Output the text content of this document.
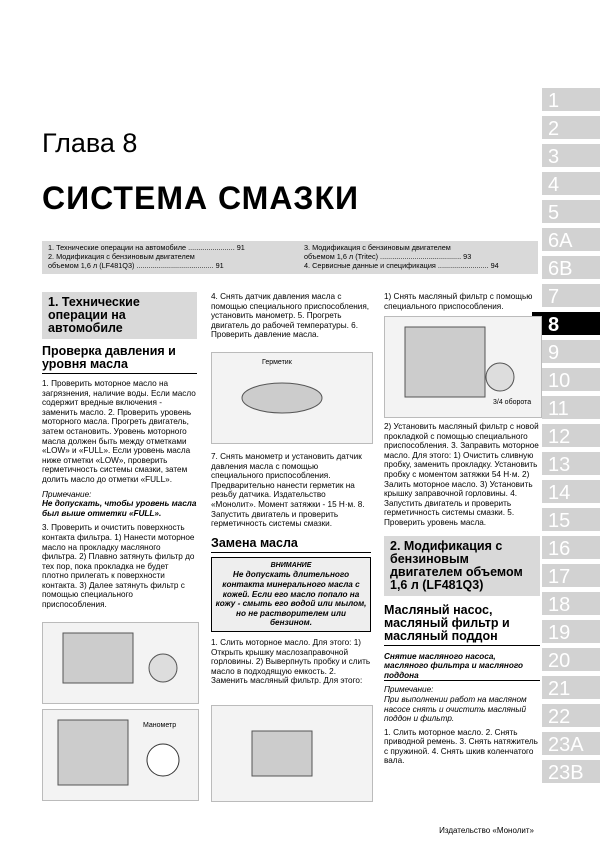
Глава 8
СИСТЕМА СМАЗКИ
1. Технические операции на автомобиле ....................... 91
2. Модификация с бензиновым двигателем
объемом 1,6 л (LF481Q3) ...................................... 91
3. Модификация с бензиновым двигателем
объемом 1,6 л (Tritec) ........................................ 93
4. Сервисные данные и спецификация ......................... 94
1
2
3
4
5
6A
6B
7
8
9
10
11
12
13
14
15
16
17
18
19
20
21
22
23A
23B
1. Технические операции на автомобиле
Проверка давления и уровня масла

1. Проверить моторное масло на загрязнения, наличие воды. Если масло содержит вредные включения - заменить масло. 2. Проверить уровень моторного масла. Прогреть двигатель, затем остановить. Уровень моторного масла должен быть между отметками «LOW» и «FULL». Если уровень масла ниже отметки «LOW», проверить герметичность системы смазки, затем долить масло до отметки «FULL».

Примечание:

Не допускать, чтобы уровень масла был выше отметки «FULL».

3. Проверить и очистить поверхность контакта фильтра. 1) Нанести моторное масло на прокладку масляного фильтра. 2) Плавно затянуть фильтр до тех пор, пока прокладка не будет плотно прилегать к поверхности контакта. 3) Далее затянуть фильтр с помощью специального приспособления.

Манометр

4. Снять датчик давления масла с помощью специального приспособления, установить манометр. 5. Прогреть двигатель до рабочей температуры. 6. Проверить давление масла.

Герметик

7. Снять манометр и установить датчик давления масла с помощью специального приспособления. Предварительно нанести герметик на резьбу датчика. Издательство «Монолит». Момент затяжки - 15 Н·м. 8. Запустить двигатель и проверить герметичность системы смазки.

Замена масла
ВНИМАНИЕ
Не допускать длительного контакта минерального масла с кожей. Если его масло попало на кожу - смыть его водой или мылом, но не растворителем или бензином.

1. Слить моторное масло. Для этого: 1) Открыть крышку маслозаправочной горловины. 2) Выверпнуть пробку и слить масло в подходящую емкость. 2. Заменить масляный фильтр. Для этого:

1) Снять масляный фильтр с помощью специального приспособления.

3/4 оборота

2) Установить масляный фильтр с новой прокладкой с помощью специального приспособления. 3. Заправить моторное масло. Для этого: 1) Очистить сливную пробку, заменить прокладку. Установить пробку с моментом затяжки 54 Н·м. 2) Залить моторное масло. 3) Установить крышку заправочной горловины. 4. Запустить двигатель и проверить герметичность системы смазки. 5. Проверить уровень масла.

2. Модификация с бензиновым двигателем объемом 1,6 л (LF481Q3)
Масляный насос, масляный фильтр и масляный поддон
Снятие масляного насоса, масляного фильтра и масляного поддона

Примечание:

При выполнении работ на масляном насосе снять и очистить масляный поддон и фильтр.

1. Слить моторное масло. 2. Снять приводной ремень. 3. Снять натяжитель с пружиной. 4. Снять шкив коленчатого вала.

Издательство «Монолит»
